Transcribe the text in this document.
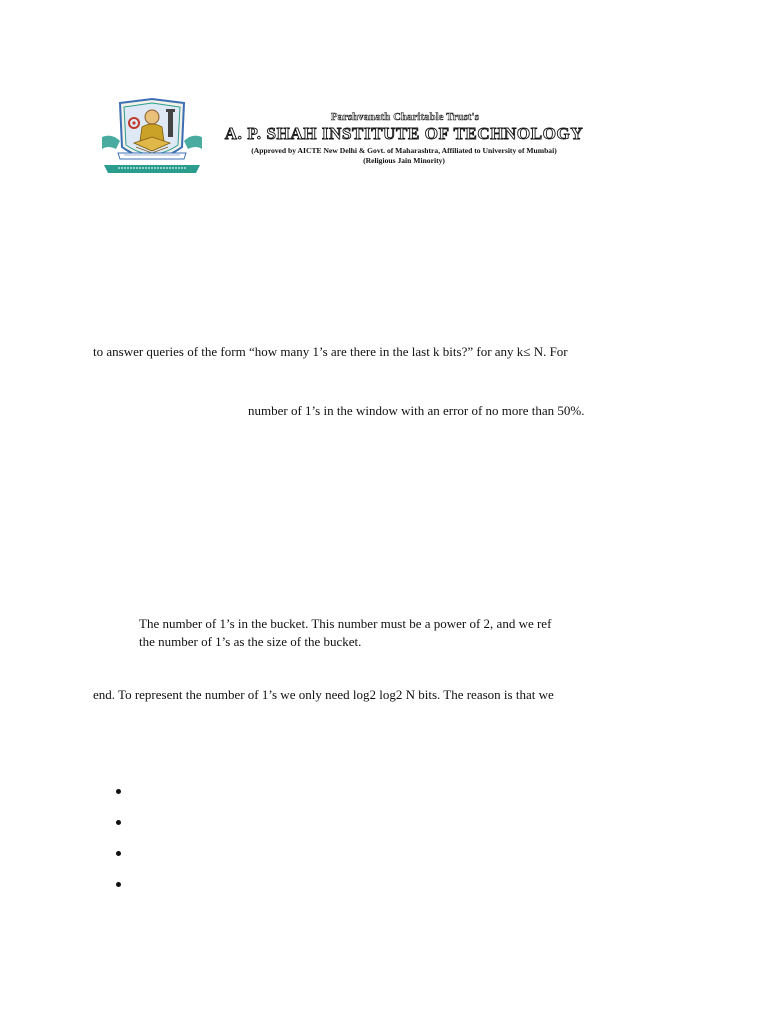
Parshvanath Charitable Trust's
A. P. SHAH INSTITUTE OF TECHNOLOGY
(Approved by AICTE New Delhi & Govt. of Maharashtra, Affiliated to University of Mumbai)
(Religious Jain Minority)
to answer queries of the form “how many 1’s are there in the last k bits?” for any k≤ N. For
number of 1’s in the window with an error of no more than 50%.
The number of 1’s in the bucket. This number must be a power of 2, and we ref
the number of 1’s as the size of the bucket.
end. To represent the number of 1’s we only need log2 log2 N bits. The reason is that we
